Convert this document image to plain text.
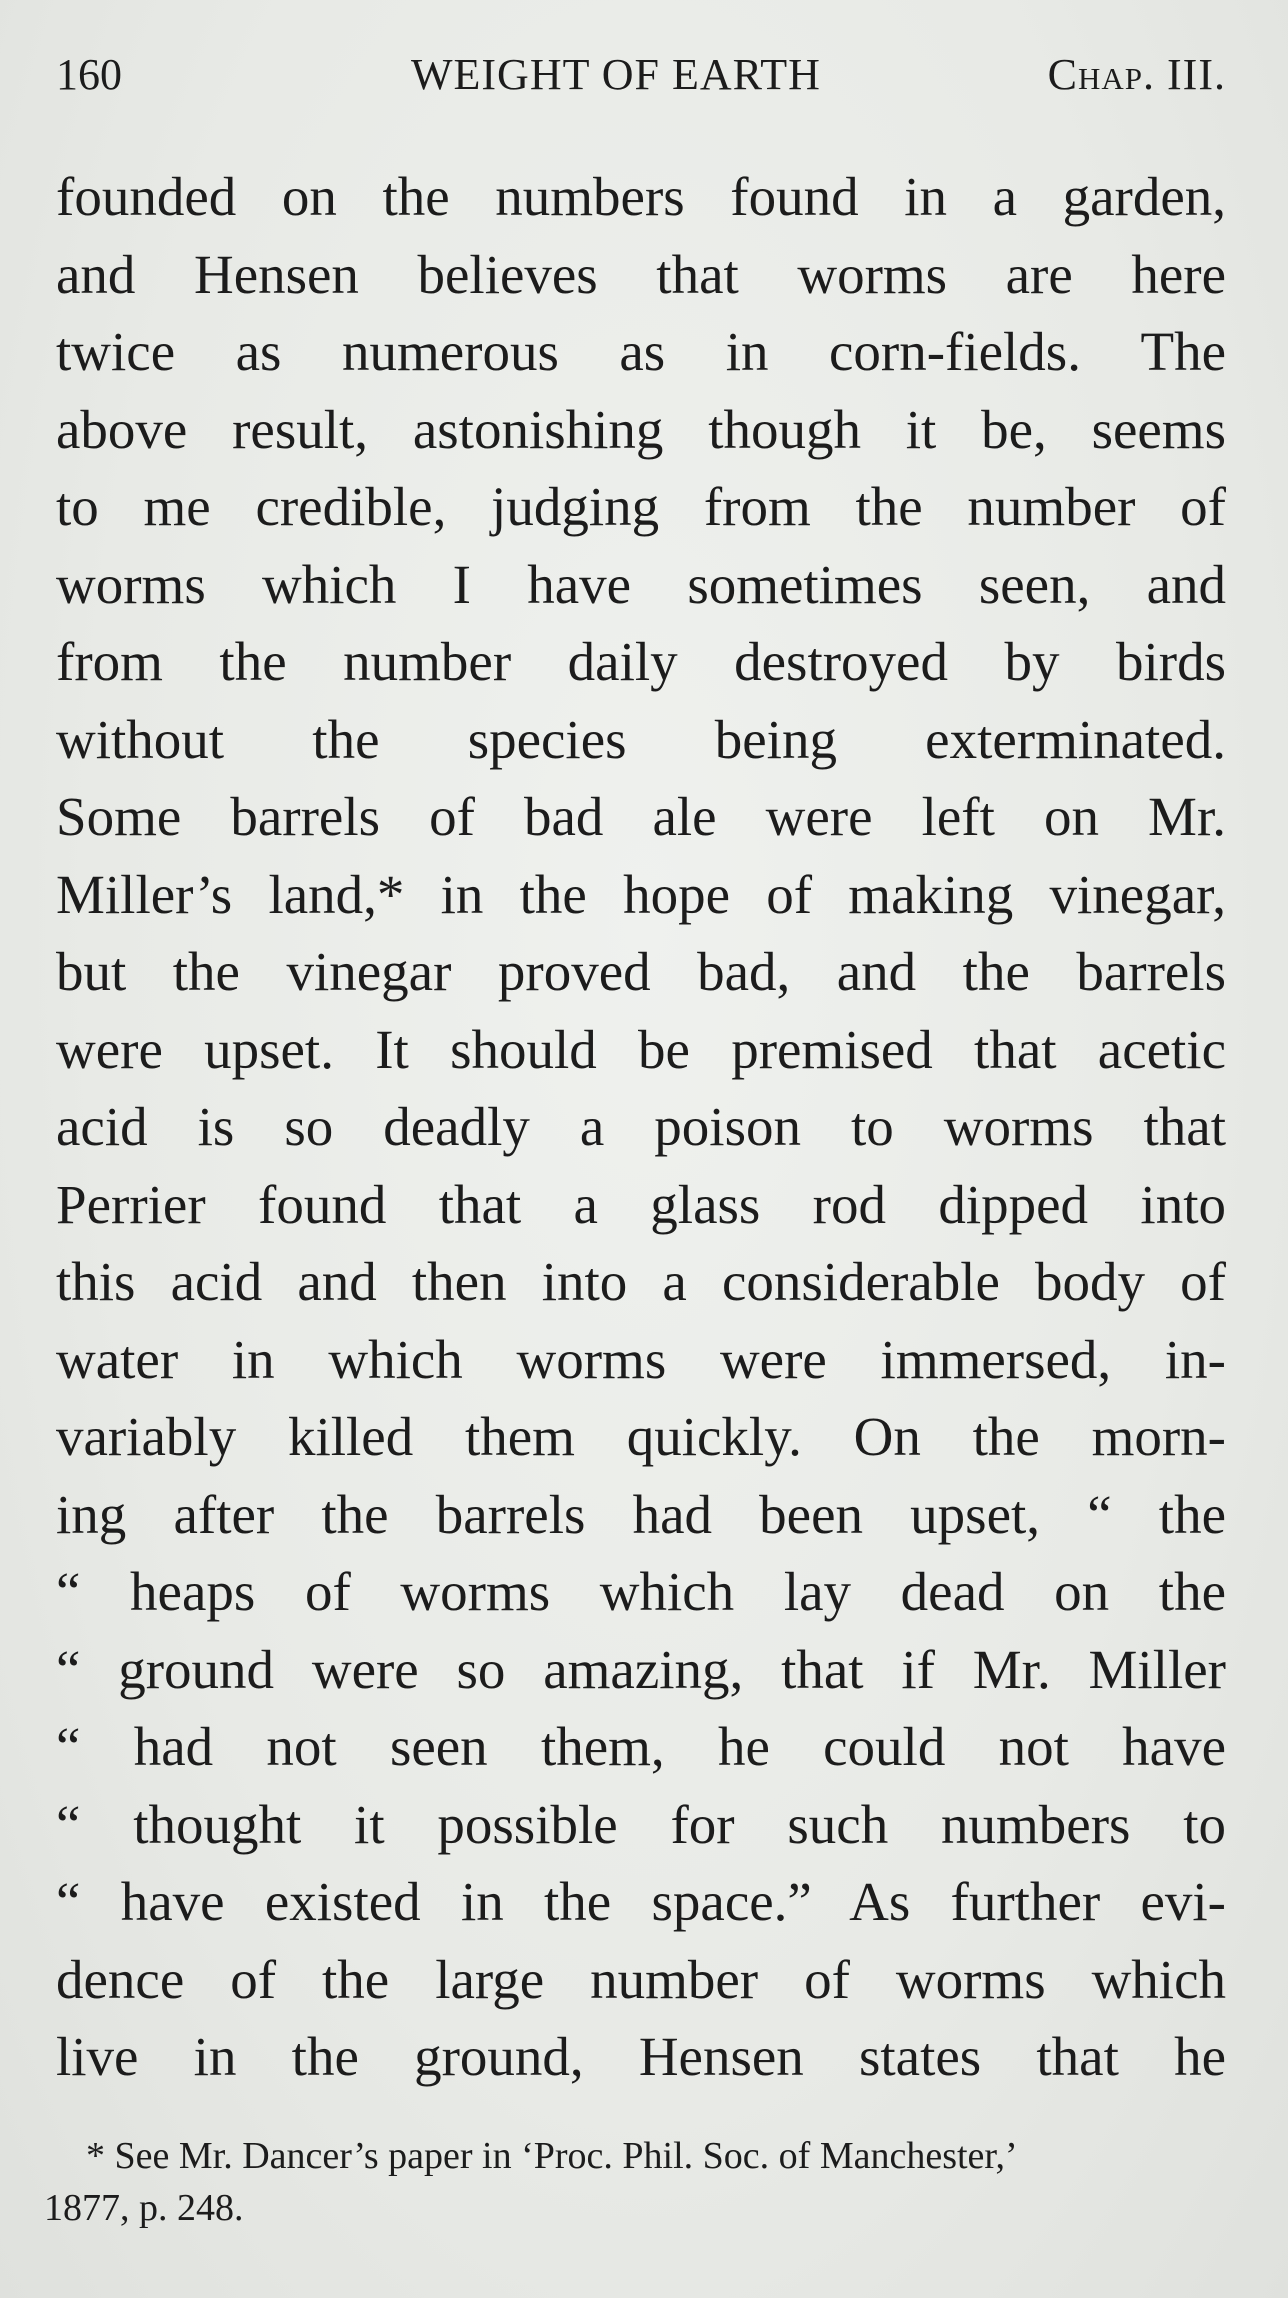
160	WEIGHT OF EARTH	Chap. III.
founded on the numbers found in a garden,
and Hensen believes that worms are here
twice as numerous as in corn-fields. The
above result, astonishing though it be, seems
to me credible, judging from the number of
worms which I have sometimes seen, and
from the number daily destroyed by birds
without the species being exterminated.
Some barrels of bad ale were left on Mr.
Miller’s land,* in the hope of making vinegar,
but the vinegar proved bad, and the barrels
were upset. It should be premised that acetic
acid is so deadly a poison to worms that
Perrier found that a glass rod dipped into
this acid and then into a considerable body of
water in which worms were immersed, in-
variably killed them quickly. On the morn-
ing after the barrels had been upset, “ the
“ heaps of worms which lay dead on the
“ ground were so amazing, that if Mr. Miller
“ had not seen them, he could not have
“ thought it possible for such numbers to
“ have existed in the space.” As further evi-
dence of the large number of worms which
live in the ground, Hensen states that he
* See Mr. Dancer’s paper in ‘Proc. Phil. Soc. of Manchester,’
1877, p. 248.
